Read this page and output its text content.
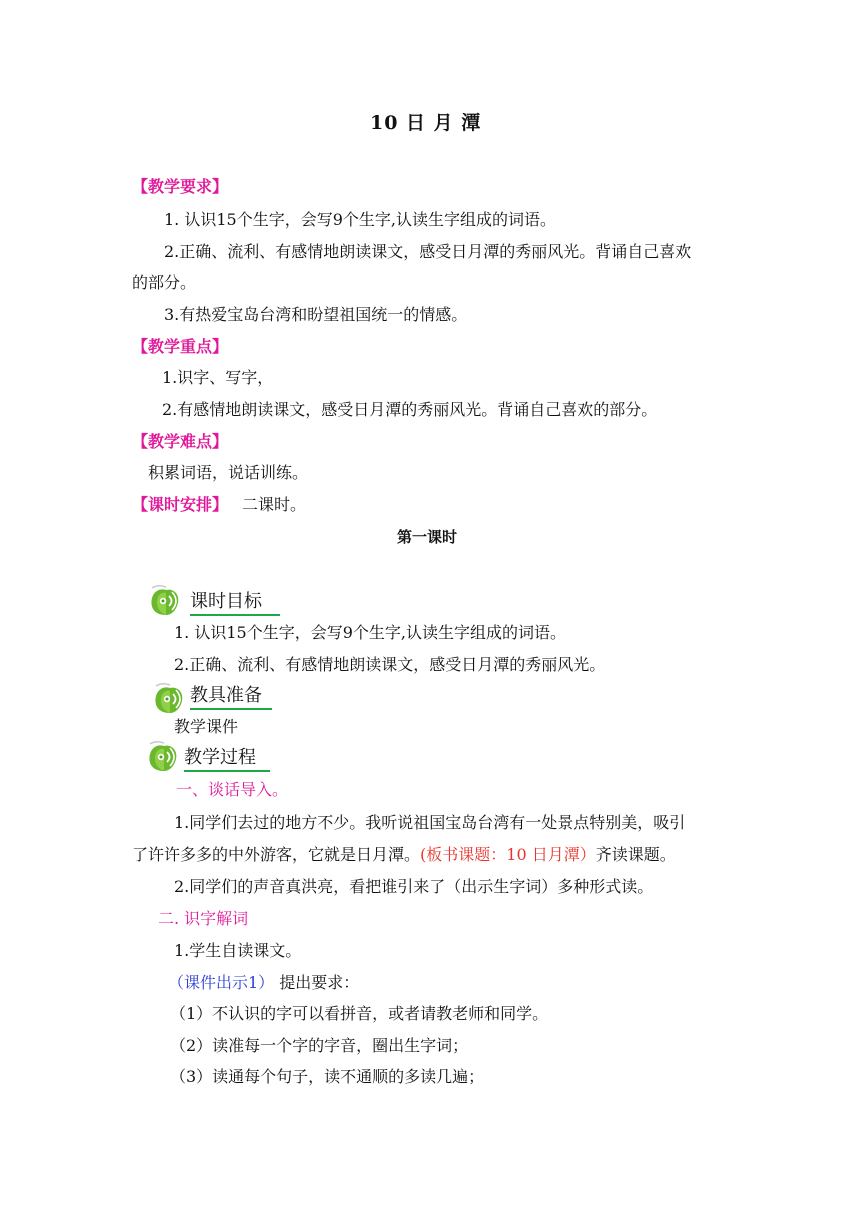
10 日 月 潭
【教学要求】
1. 认识15个生字，会写9个生字,认读生字组成的词语。
2.正确、流利、有感情地朗读课文，感受日月潭的秀丽风光。背诵自己喜欢
的部分。
3.有热爱宝岛台湾和盼望祖国统一的情感。
【教学重点】
1.识字、写字，
2.有感情地朗读课文，感受日月潭的秀丽风光。背诵自己喜欢的部分。
【教学难点】
积累词语，说话训练。
【课时安排】 二课时。
第一课时
课时目标
1. 认识15个生字，会写9个生字,认读生字组成的词语。
2.正确、流利、有感情地朗读课文，感受日月潭的秀丽风光。
教具准备
教学课件
教学过程
一、谈话导入。
1.同学们去过的地方不少。我听说祖国宝岛台湾有一处景点特别美，吸引
了许许多多的中外游客，它就是日月潭。(板书课题：10 日月潭）齐读课题。
2.同学们的声音真洪亮，看把谁引来了（出示生字词）多种形式读。
二. 识字解词
1.学生自读课文。
（课件出示1） 提出要求：
（1）不认识的字可以看拼音，或者请教老师和同学。
（2）读准每一个字的字音，圈出生字词；
（3）读通每个句子，读不通顺的多读几遍；
